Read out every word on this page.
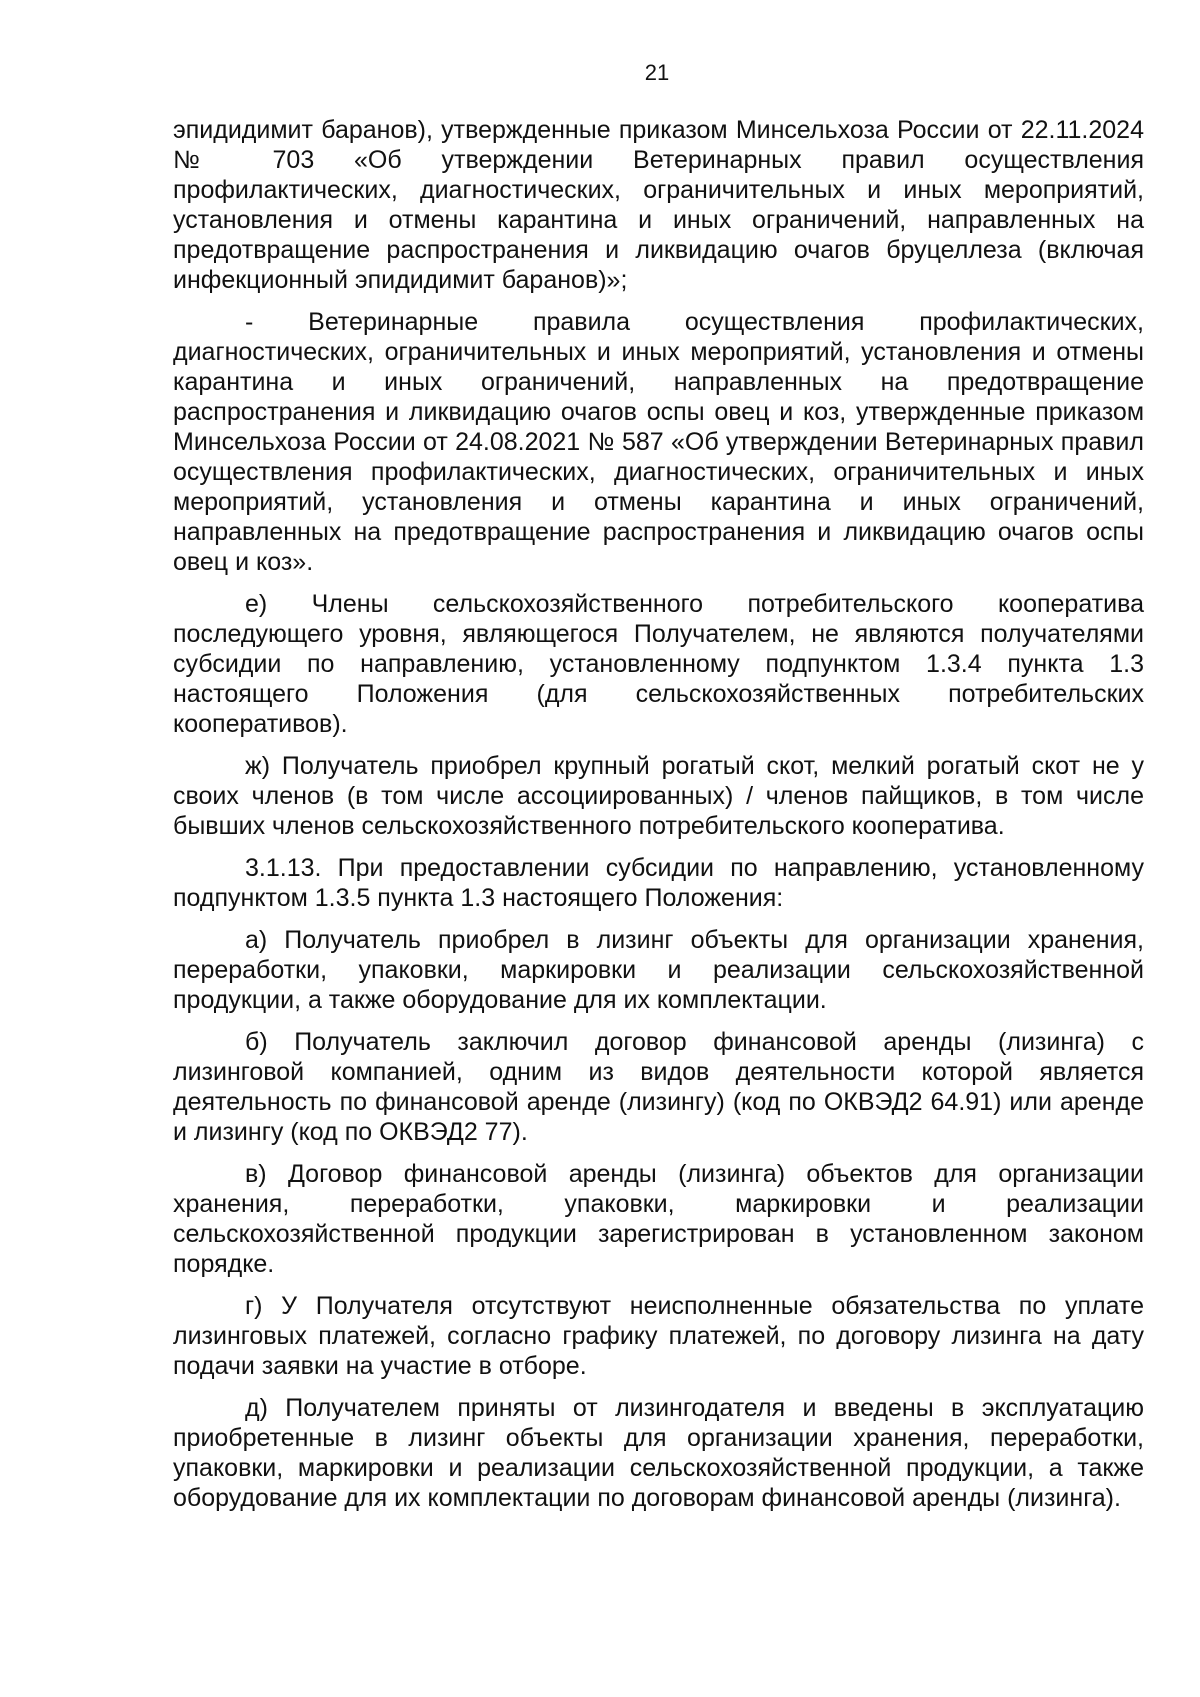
21

эпидидимит баранов), утвержденные приказом Минсельхоза России от 22.11.2024 № 703 «Об утверждении Ветеринарных правил осуществления профилактических, диагностических, ограничительных и иных мероприятий, установления и отмены карантина и иных ограничений, направленных на предотвращение распространения и ликвидацию очагов бруцеллеза (включая инфекционный эпидидимит баранов)»;

- Ветеринарные правила осуществления профилактических, диагностических, ограничительных и иных мероприятий, установления и отмены карантина и иных ограничений, направленных на предотвращение распространения и ликвидацию очагов оспы овец и коз, утвержденные приказом Минсельхоза России от 24.08.2021 № 587 «Об утверждении Ветеринарных правил осуществления профилактических, диагностических, ограничительных и иных мероприятий, установления и отмены карантина и иных ограничений, направленных на предотвращение распространения и ликвидацию очагов оспы овец и коз».

е) Члены сельскохозяйственного потребительского кооператива последующего уровня, являющегося Получателем, не являются получателями субсидии по направлению, установленному подпунктом 1.3.4 пункта 1.3 настоящего Положения (для сельскохозяйственных потребительских кооперативов).

ж) Получатель приобрел крупный рогатый скот, мелкий рогатый скот не у своих членов (в том числе ассоциированных) / членов пайщиков, в том числе бывших членов сельскохозяйственного потребительского кооператива.

3.1.13. При предоставлении субсидии по направлению, установленному подпунктом 1.3.5 пункта 1.3 настоящего Положения:

а) Получатель приобрел в лизинг объекты для организации хранения, переработки, упаковки, маркировки и реализации сельскохозяйственной продукции, а также оборудование для их комплектации.

б) Получатель заключил договор финансовой аренды (лизинга) с лизинговой компанией, одним из видов деятельности которой является деятельность по финансовой аренде (лизингу) (код по ОКВЭД2 64.91) или аренде и лизингу (код по ОКВЭД2 77).

в) Договор финансовой аренды (лизинга) объектов для организации хранения, переработки, упаковки, маркировки и реализации сельскохозяйственной продукции зарегистрирован в установленном законом порядке.

г) У Получателя отсутствуют неисполненные обязательства по уплате лизинговых платежей, согласно графику платежей, по договору лизинга на дату подачи заявки на участие в отборе.

д) Получателем приняты от лизингодателя и введены в эксплуатацию приобретенные в лизинг объекты для организации хранения, переработки, упаковки, маркировки и реализации сельскохозяйственной продукции, а также оборудование для их комплектации по договорам финансовой аренды (лизинга).
